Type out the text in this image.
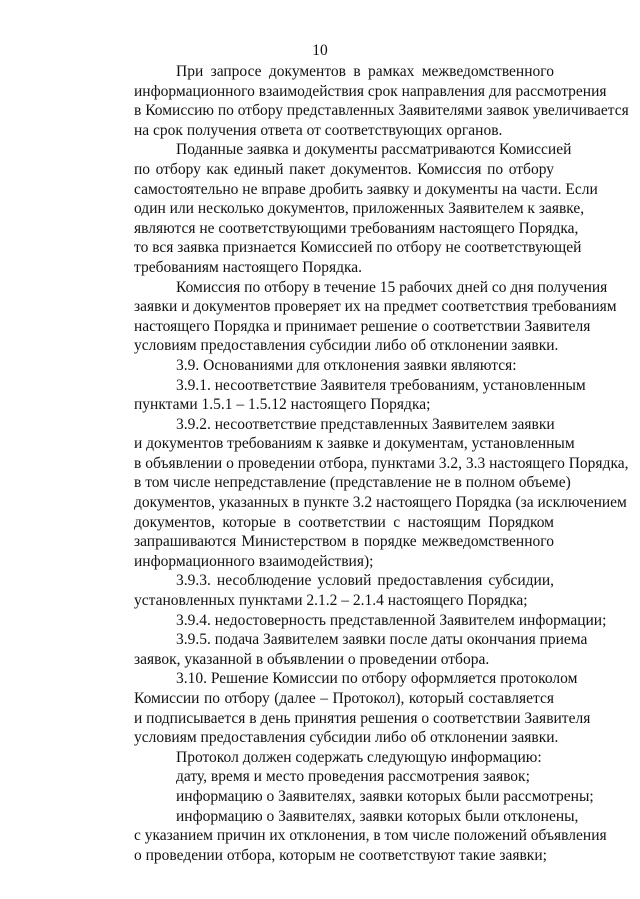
10
При запросе документов в рамках межведомственного
информационного взаимодействия срок направления для рассмотрения
в Комиссию по отбору представленных Заявителями заявок увеличивается
на срок получения ответа от соответствующих органов.
Поданные заявка и документы рассматриваются Комиссией
по отбору как единый пакет документов. Комиссия по отбору
самостоятельно не вправе дробить заявку и документы на части. Если
один или несколько документов, приложенных Заявителем к заявке,
являются не соответствующими требованиям настоящего Порядка,
то вся заявка признается Комиссией по отбору не соответствующей
требованиям настоящего Порядка.
Комиссия по отбору в течение 15 рабочих дней со дня получения
заявки и документов проверяет их на предмет соответствия требованиям
настоящего Порядка и принимает решение о соответствии Заявителя
условиям предоставления субсидии либо об отклонении заявки.
3.9. Основаниями для отклонения заявки являются:
3.9.1. несоответствие Заявителя требованиям, установленным
пунктами 1.5.1 – 1.5.12 настоящего Порядка;
3.9.2. несоответствие представленных Заявителем заявки
и документов требованиям к заявке и документам, установленным
в объявлении о проведении отбора, пунктами 3.2, 3.3 настоящего Порядка,
в том числе непредставление (представление не в полном объеме)
документов, указанных в пункте 3.2 настоящего Порядка (за исключением
документов, которые в соответствии с настоящим Порядком
запрашиваются Министерством в порядке межведомственного
информационного взаимодействия);
3.9.3. несоблюдение условий предоставления субсидии,
установленных пунктами 2.1.2 – 2.1.4 настоящего Порядка;
3.9.4. недостоверность представленной Заявителем информации;
3.9.5. подача Заявителем заявки после даты окончания приема
заявок, указанной в объявлении о проведении отбора.
3.10. Решение Комиссии по отбору оформляется протоколом
Комиссии по отбору (далее – Протокол), который составляется
и подписывается в день принятия решения о соответствии Заявителя
условиям предоставления субсидии либо об отклонении заявки.
Протокол должен содержать следующую информацию:
дату, время и место проведения рассмотрения заявок;
информацию о Заявителях, заявки которых были рассмотрены;
информацию о Заявителях, заявки которых были отклонены,
с указанием причин их отклонения, в том числе положений объявления
о проведении отбора, которым не соответствуют такие заявки;
